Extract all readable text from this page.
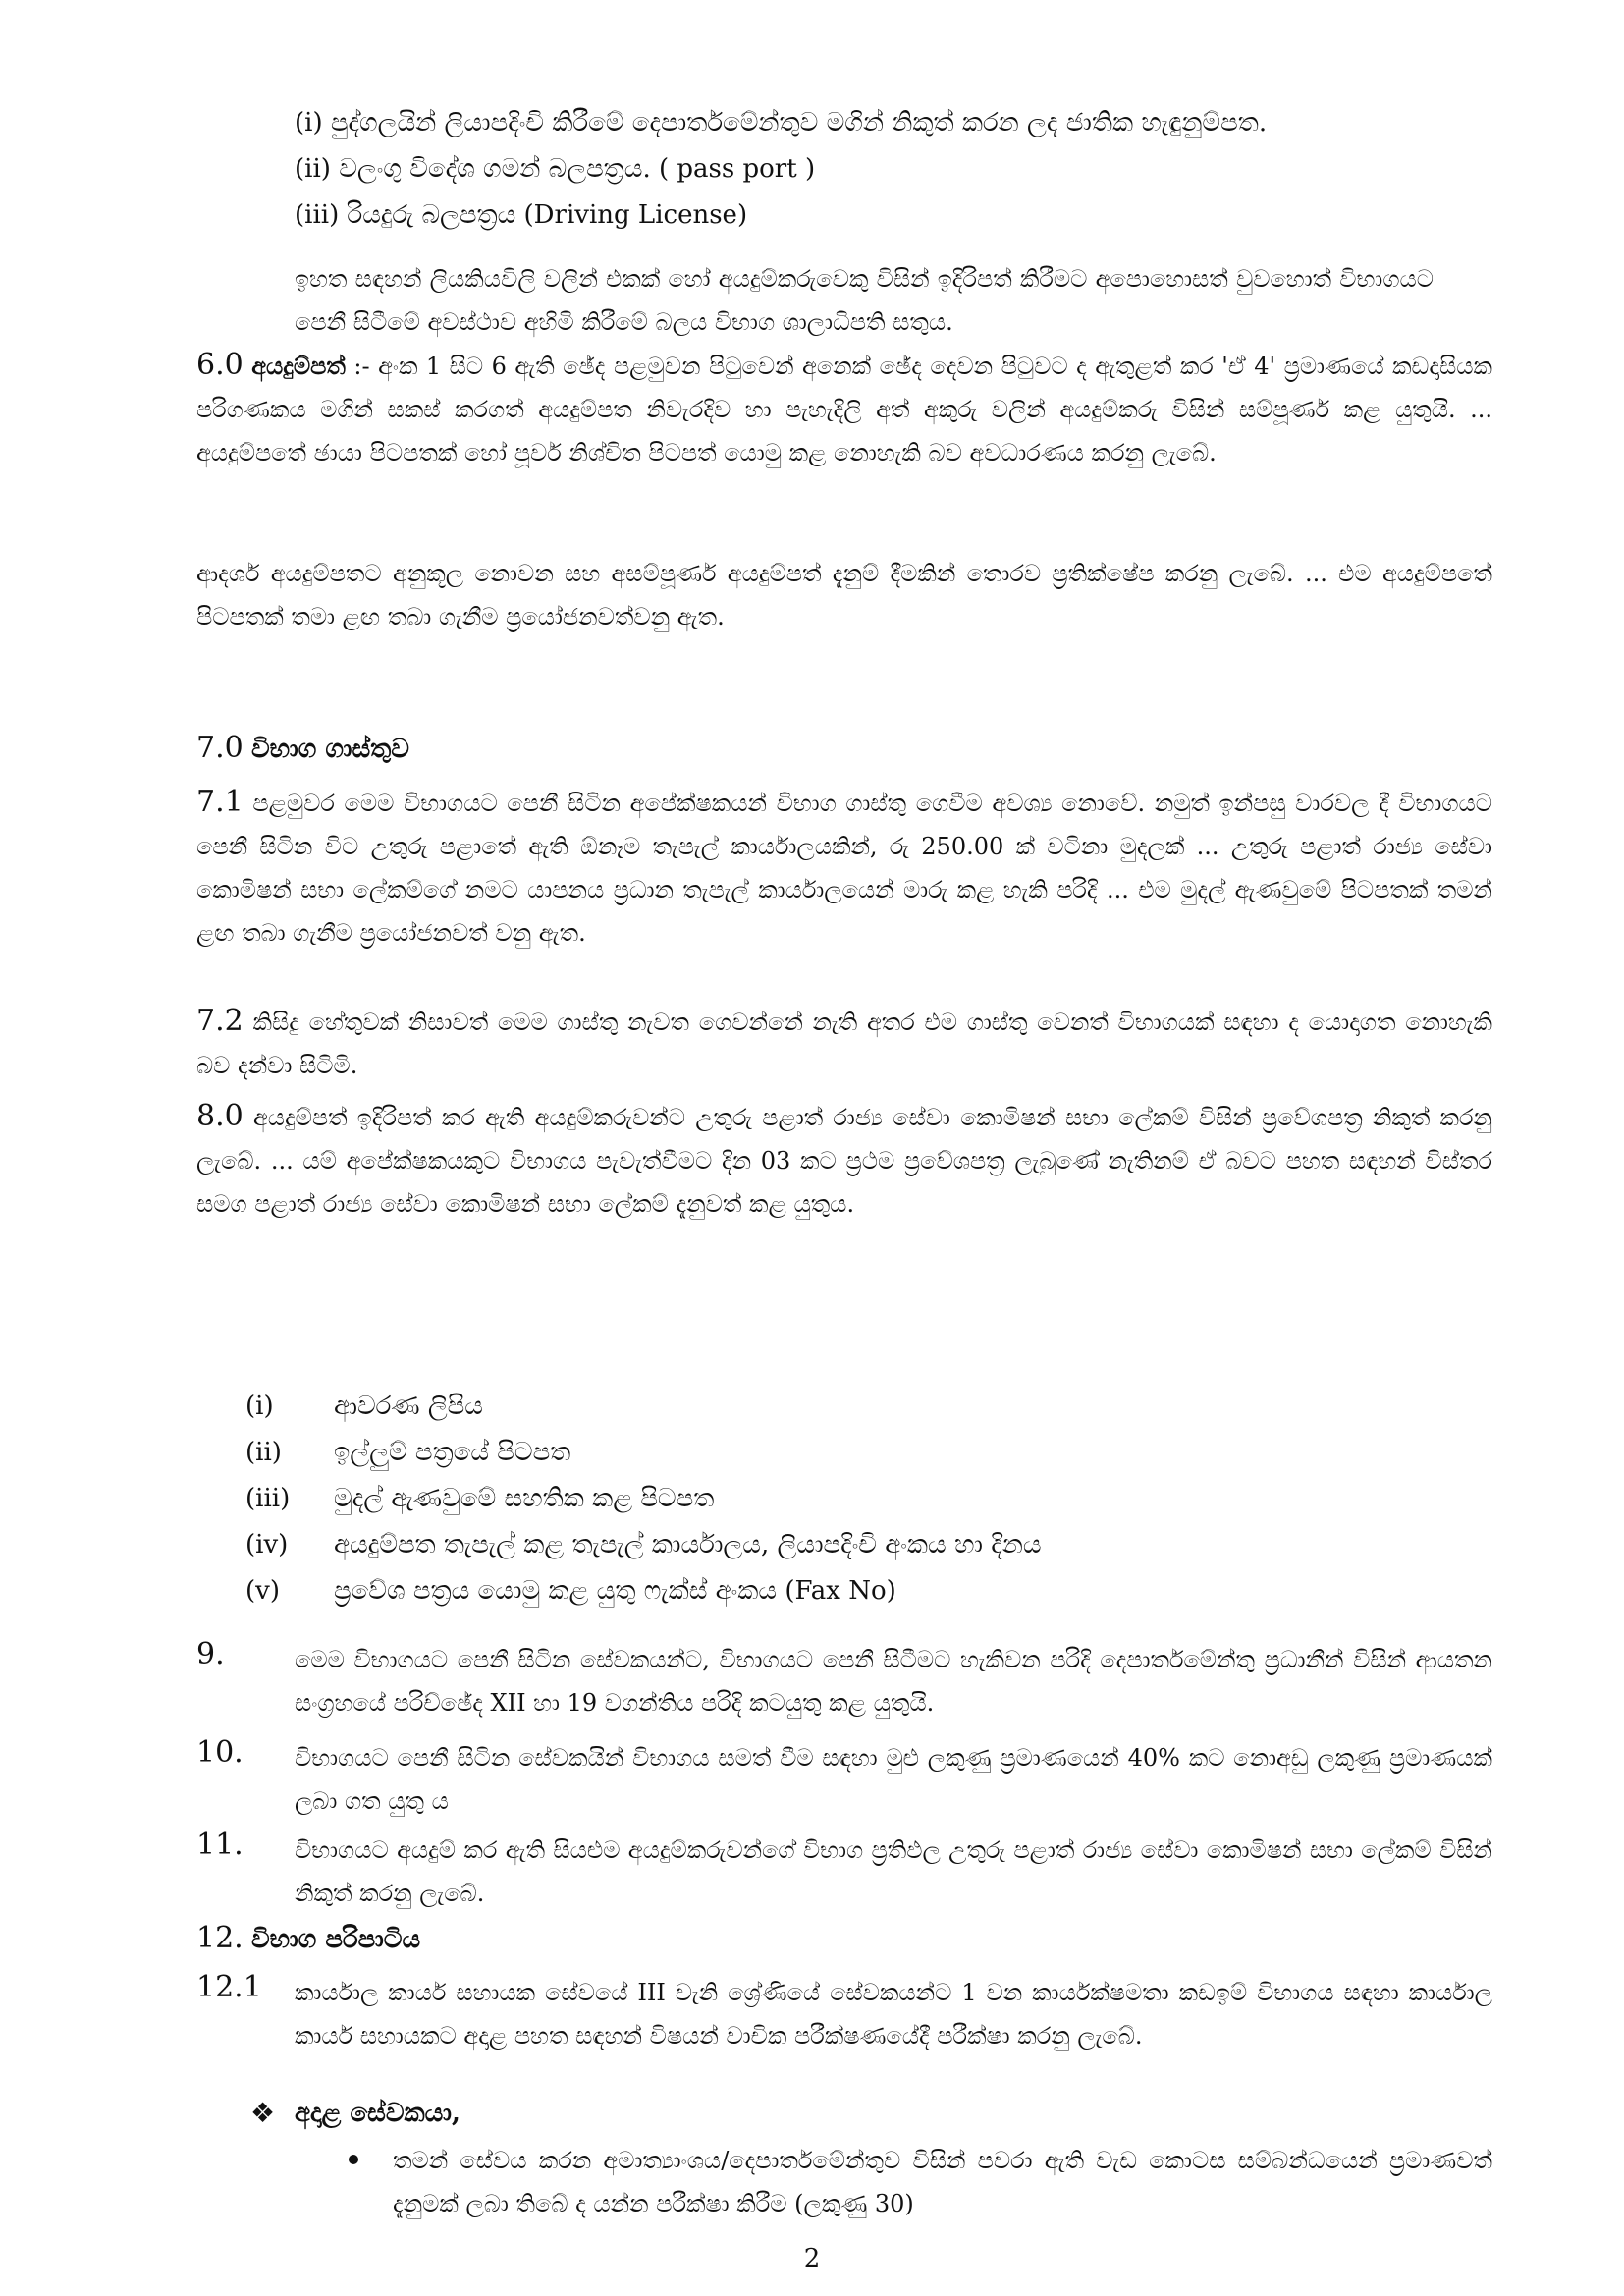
(i) පුද්ගලයින් ලියාපදිංචි කිරීමේ දෙපාර්තමේන්තුව මගින් නිකුත් කරන ලද ජාතික හැඳුනුම්පත.
(ii) වලංගු විදේශ ගමන් බලපත්‍රය. ( pass port )
(iii) රියදුරු බලපත්‍රය (Driving License)
ඉහත සඳහන් ලියකියවිලි වලින් එකක් හෝ අයදුම්කරුවෙකු විසින් ඉදිරිපත් කිරීමට අපොහොසත් වුවහොත් විභාගයට පෙනී සිටීමේ අවස්ථාව අහිමි කිරීමේ බලය විභාග ශාලාධිපති සතුය.
6.0 අයදුම්පත් :- අංක 1 සිට 6 ඇති ඡේද පළමුවන පිටුවෙන් අනෙක් ඡේද දෙවන පිටුවට ද ඇතුළත් කර 'ඒ 4' ප්‍රමාණයේ කඩදාසියක පරිගණකය මගින් සකස් කරගත් අයදුම්පත නිවැරදිව හා පැහැදිලි අත් අකුරු වලින් අයදුම්කරු විසින් සම්පූර්ණ කළ යුතුයි. ... අයදුම්පතේ ඡායා පිටපතක් හෝ පූර්ව නිශ්චිත පිටපත් යොමු කළ නොහැකි බව අවධාරණය කරනු ලැබේ.
ආදර්ශ අයදුම්පතට අනුකූල නොවන සහ අසම්පූර්ණ අයදුම්පත් දැනුම් දීමකින් තොරව ප්‍රතික්ෂේප කරනු ලැබේ. ... එම අයදුම්පතේ පිටපතක් තමා ළඟ තබා ගැනීම ප්‍රයෝජනවත්වනු ඇත.
7.0 විභාග ගාස්තුව
7.1 පළමුවර මෙම විභාගයට පෙනී සිටින අපේක්ෂකයන් විභාග ගාස්තු ගෙවීම අවශ්‍ය නොවේ. නමුත් ඉන්පසු වාරවල දී විභාගයට පෙනී සිටින විට උතුරු පළාතේ ඇති ඕනෑම තැපැල් කාර්යාලයකින්, රු 250.00 ක් වටිනා මුදලක් ... උතුරු පළාත් රාජ්‍ය සේවා කොමිෂන් සභා ලේකම්ගේ නමට යාපනය ප්‍රධාන තැපැල් කාර්යාලයෙන් මාරු කළ හැකි පරිදි ... එම මුදල් ඇණවුමේ පිටපතක් තමන් ළඟ තබා ගැනීම ප්‍රයෝජනවත් වනු ඇත.
7.2 කිසිදු හේතුවක් නිසාවත් මෙම ගාස්තු නැවත ගෙවන්නේ නැති අතර එම ගාස්තු වෙනත් විභාගයක් සඳහා ද යොදාගත නොහැකි බව දන්වා සිටිමි.
8.0 අයදුම්පත් ඉදිරිපත් කර ඇති අයදුම්කරුවන්ට උතුරු පළාත් රාජ්‍ය සේවා කොමිෂන් සභා ලේකම් විසින් ප්‍රවේශපත්‍ර නිකුත් කරනු ලැබේ. ... යම් අපේක්ෂකයකුට විභාගය පැවැත්වීමට දින 03 කට ප්‍රථම ප්‍රවේශපත්‍ර ලැබුණේ නැතිනම් ඒ බවට පහත සඳහන් විස්තර සමග පළාත් රාජ්‍ය සේවා කොමිෂන් සභා ලේකම් දැනුවත් කළ යුතුය.
(i) ආවරණ ලිපිය
(ii) ඉල්ලුම් පත්‍රයේ පිටපත
(iii) මුදල් ඇණවුමේ සහතික කළ පිටපත
(iv) අයදුම්පත තැපැල් කළ තැපැල් කාර්යාලය, ලියාපදිංචි අංකය හා දිනය
(v) ප්‍රවේශ පත්‍රය යොමු කළ යුතු ෆැක්ස් අංකය (Fax No)
9.	මෙම විභාගයට පෙනී සිටින සේවකයන්ට, විභාගයට පෙනී සිටීමට හැකිවන පරිදි දෙපාර්තමේන්තු ප්‍රධානීන් විසින් ආයතන සංග්‍රහයේ පරිච්ඡේද XII හා 19 වගන්තිය පරිදි කටයුතු කළ යුතුයි.
10. විභාගයට පෙනී සිටින සේවකයින් විභාගය සමත් වීම සඳහා මුළු ලකුණු ප්‍රමාණයෙන් 40% කට නොඅඩු ලකුණු ප්‍රමාණයක් ලබා ගත යුතු ය
11. විභාගයට අයදුම් කර ඇති සියළුම අයදුම්කරුවන්ගේ විභාග ප්‍රතිඵල උතුරු පළාත් රාජ්‍ය සේවා කොමිෂන් සභා ලේකම් විසින් නිකුත් කරනු ලැබේ.
12. විභාග පරිපාටිය
12.1 කාර්යාල කාර්ය සහායක සේවයේ III වැනි ශ්‍රේණියේ සේවකයන්ට 1 වන කාර්යක්ෂමතා කඩඉම් විභාගය සඳහා කාර්යාල කාර්ය සහායකට අදාළ පහත සඳහන් විෂයන් වාචික පරීක්ෂණයේදී පරීක්ෂා කරනු ලැබේ.
❖ අදාළ සේවකයා,
තමන් සේවය කරන අමාත්‍යාංශය/දෙපාර්තමේන්තුව විසින් පවරා ඇති වැඩ කොටස සම්බන්ධයෙන් ප්‍රමාණවත් දැනුමක් ලබා තිබේ ද යන්න පරීක්ෂා කිරීම (ලකුණු 30)
2
